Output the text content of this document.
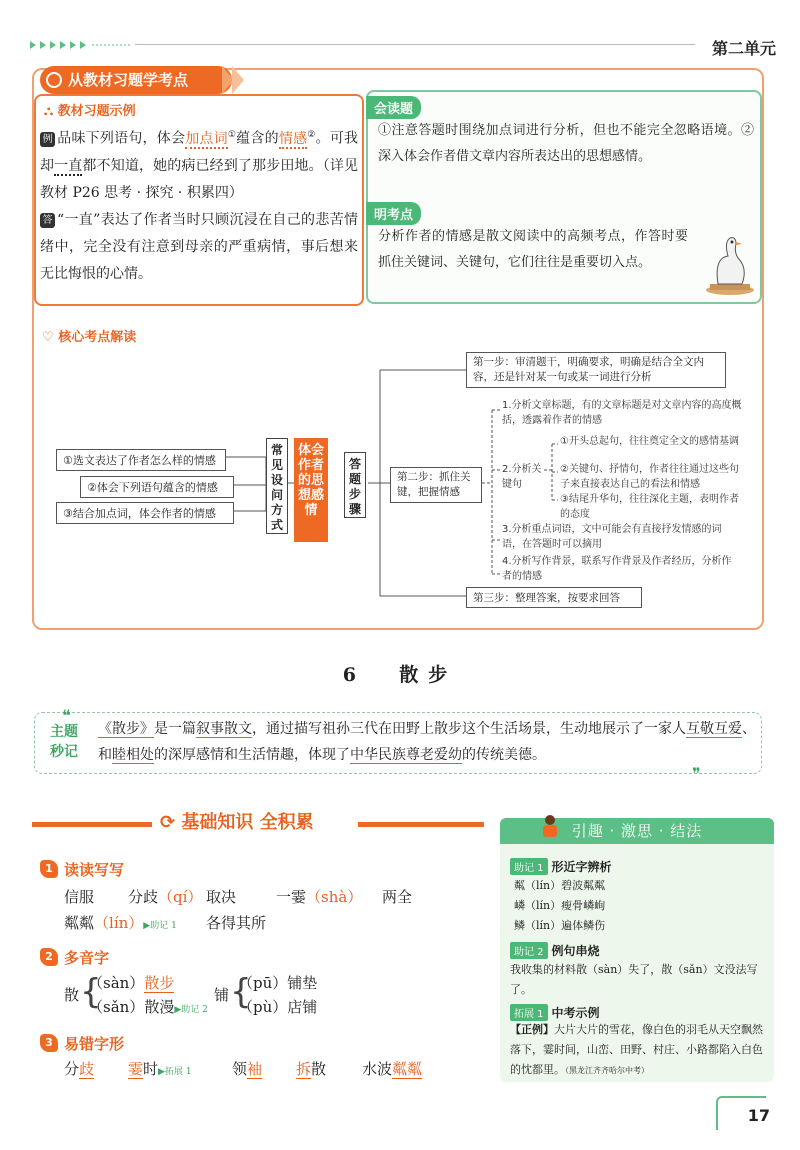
第二单元
从教材习题学考点
⛬ 教材习题示例
例 品味下列语句，体会加点词①蕴含的情感②。可我却一直都不知道，她的病已经到了那步田地。（详见教材 P26 思考 · 探究 · 积累四）
答 “一直”表达了作者当时只顾沉浸在自己的悲苦情绪中，完全没有注意到母亲的严重病情，事后想来无比悔恨的心情。
会读题
①注意答题时围绕加点词进行分析，但也不能完全忽略语境。②深入体会作者借文章内容所表达出的思想感情。
明考点
分析作者的情感是散文阅读中的高频考点，作答时要抓住关键词、关键句，它们往往是重要切入点。
♡ 核心考点解读
①选文表达了作者怎么样的情感
②体会下列语句蕴含的情感
③结合加点词，体会作者的情感
常见设问方式
体会作者的思想感情
答题步骤
第一步：审清题干，明确要求，明确是结合全文内容，还是针对某一句或某一词进行分析
第二步：抓住关键，把握情感
第三步：整理答案，按要求回答
1.分析文章标题，有的文章标题是对文章内容的高度概括，透露着作者的情感
2.分析关键句
①开头总起句，往往奠定全文的感情基调
②关键句、抒情句，作者往往通过这些句子来直接表达自己的看法和情感
③结尾升华句，往往深化主题，表明作者的态度
3.分析重点词语，文中可能会有直接抒发情感的词语，在答题时可以摘用
4.分析写作背景，联系写作背景及作者经历，分析作者的情感
6 散步
❝
❞
主题秒记
《散步》是一篇叙事散文，通过描写祖孙三代在田野上散步这个生活场景，生动地展示了一家人互敬互爱、和睦相处的深厚感情和生活情趣，体现了中华民族尊老爱幼的传统美德。
⟳ 基础知识 全积累
1 读读写写
信服 分歧（qí） 取决	一霎（shà） 两全
粼粼（lín）▶助记 1 各得其所
2 多音字
散 {
（sàn）散步
（sǎn）散漫▶助记 2
铺 {
（pū）铺垫
（pù）店铺
3 易错字形
分歧 霎时▶拓展 1	领袖 拆散 水波粼粼
引趣 · 激思 · 结法
助记 1 形近字辨析
粼（lín）碧波粼粼
嶙（lín）瘦骨嶙峋
鳞（lín）遍体鳞伤
助记 2 例句串烧
我收集的材料散（sàn）失了，散（sǎn）文没法写了。
拓展 1 中考示例
【正例】大片大片的雪花，像白色的羽毛从天空飘然落下，霎时间，山峦、田野、村庄、小路都陷入白色的忱都里。（黑龙江齐齐哈尔中考）
17
